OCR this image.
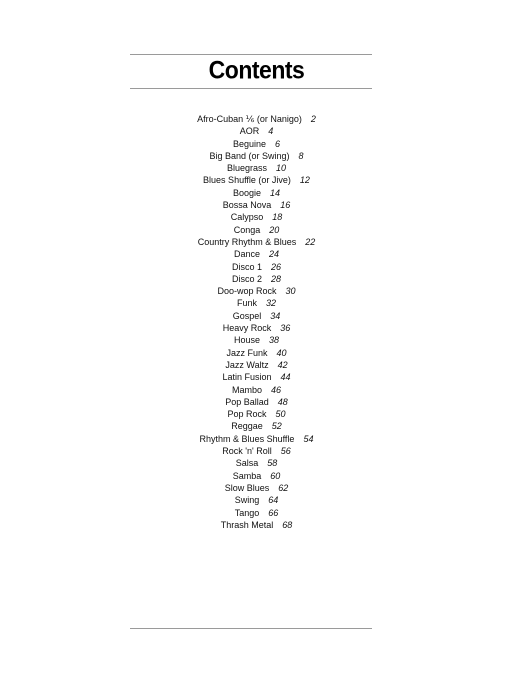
Contents
Afro-Cuban ⅙ (or Nanigo) 2
AOR 4
Beguine 6
Big Band (or Swing) 8
Bluegrass 10
Blues Shuffle (or Jive) 12
Boogie 14
Bossa Nova 16
Calypso 18
Conga 20
Country Rhythm & Blues 22
Dance 24
Disco 1 26
Disco 2 28
Doo-wop Rock 30
Funk 32
Gospel 34
Heavy Rock 36
House 38
Jazz Funk 40
Jazz Waltz 42
Latin Fusion 44
Mambo 46
Pop Ballad 48
Pop Rock 50
Reggae 52
Rhythm & Blues Shuffle 54
Rock 'n' Roll 56
Salsa 58
Samba 60
Slow Blues 62
Swing 64
Tango 66
Thrash Metal 68
